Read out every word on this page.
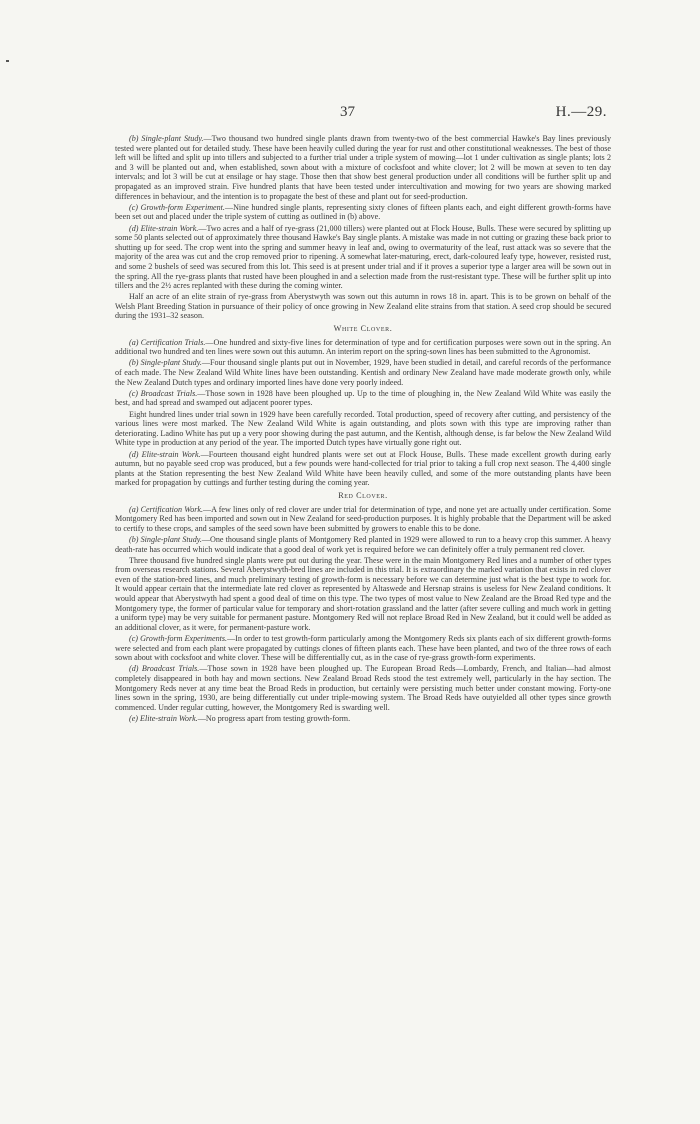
37	H.—29.

(b) Single-plant Study.—Two thousand two hundred single plants drawn from twenty-two of the best commercial Hawke's Bay lines previously tested were planted out for detailed study. These have been heavily culled during the year for rust and other constitutional weaknesses. The best of those left will be lifted and split up into tillers and subjected to a further trial under a triple system of mowing—lot 1 under cultivation as single plants; lots 2 and 3 will be planted out and, when established, sown about with a mixture of cocksfoot and white clover; lot 2 will be mown at seven to ten day intervals; and lot 3 will be cut at ensilage or hay stage. Those then that show best general production under all conditions will be further split up and propagated as an improved strain. Five hundred plants that have been tested under intercultivation and mowing for two years are showing marked differences in behaviour, and the intention is to propagate the best of these and plant out for seed-production.

(c) Growth-form Experiment.—Nine hundred single plants, representing sixty clones of fifteen plants each, and eight different growth-forms have been set out and placed under the triple system of cutting as outlined in (b) above.

(d) Elite-strain Work.—Two acres and a half of rye-grass (21,000 tillers) were planted out at Flock House, Bulls. These were secured by splitting up some 50 plants selected out of approximately three thousand Hawke's Bay single plants. A mistake was made in not cutting or grazing these back prior to shutting up for seed. The crop went into the spring and summer heavy in leaf and, owing to overmaturity of the leaf, rust attack was so severe that the majority of the area was cut and the crop removed prior to ripening. A somewhat later-maturing, erect, dark-coloured leafy type, however, resisted rust, and some 2 bushels of seed was secured from this lot. This seed is at present under trial and if it proves a superior type a larger area will be sown out in the spring. All the rye-grass plants that rusted have been ploughed in and a selection made from the rust-resistant type. These will be further split up into tillers and the 2½ acres replanted with these during the coming winter.

Half an acre of an elite strain of rye-grass from Aberystwyth was sown out this autumn in rows 18 in. apart. This is to be grown on behalf of the Welsh Plant Breeding Station in pursuance of their policy of once growing in New Zealand elite strains from that station. A seed crop should be secured during the 1931–32 season.

White Clover.

(a) Certification Trials.—One hundred and sixty-five lines for determination of type and for certification purposes were sown out in the spring. An additional two hundred and ten lines were sown out this autumn. An interim report on the spring-sown lines has been submitted to the Agronomist.

(b) Single-plant Study.—Four thousand single plants put out in November, 1929, have been studied in detail, and careful records of the performance of each made. The New Zealand Wild White lines have been outstanding. Kentish and ordinary New Zealand have made moderate growth only, while the New Zealand Dutch types and ordinary imported lines have done very poorly indeed.

(c) Broadcast Trials.—Those sown in 1928 have been ploughed up. Up to the time of ploughing in, the New Zealand Wild White was easily the best, and had spread and swamped out adjacent poorer types.

Eight hundred lines under trial sown in 1929 have been carefully recorded. Total production, speed of recovery after cutting, and persistency of the various lines were most marked. The New Zealand Wild White is again outstanding, and plots sown with this type are improving rather than deteriorating. Ladino White has put up a very poor showing during the past autumn, and the Kentish, although dense, is far below the New Zealand Wild White type in production at any period of the year. The imported Dutch types have virtually gone right out.

(d) Elite-strain Work.—Fourteen thousand eight hundred plants were set out at Flock House, Bulls. These made excellent growth during early autumn, but no payable seed crop was produced, but a few pounds were hand-collected for trial prior to taking a full crop next season. The 4,400 single plants at the Station representing the best New Zealand Wild White have been heavily culled, and some of the more outstanding plants have been marked for propagation by cuttings and further testing during the coming year.

Red Clover.

(a) Certification Work.—A few lines only of red clover are under trial for determination of type, and none yet are actually under certification. Some Montgomery Red has been imported and sown out in New Zealand for seed-production purposes. It is highly probable that the Department will be asked to certify to these crops, and samples of the seed sown have been submitted by growers to enable this to be done.

(b) Single-plant Study.—One thousand single plants of Montgomery Red planted in 1929 were allowed to run to a heavy crop this summer. A heavy death-rate has occurred which would indicate that a good deal of work yet is required before we can definitely offer a truly permanent red clover.

Three thousand five hundred single plants were put out during the year. These were in the main Montgomery Red lines and a number of other types from overseas research stations. Several Aberystwyth-bred lines are included in this trial. It is extraordinary the marked variation that exists in red clover even of the station-bred lines, and much preliminary testing of growth-form is necessary before we can determine just what is the best type to work for. It would appear certain that the intermediate late red clover as represented by Altaswede and Hersnap strains is useless for New Zealand conditions. It would appear that Aberystwyth had spent a good deal of time on this type. The two types of most value to New Zealand are the Broad Red type and the Montgomery type, the former of particular value for temporary and short-rotation grassland and the latter (after severe culling and much work in getting a uniform type) may be very suitable for permanent pasture. Montgomery Red will not replace Broad Red in New Zealand, but it could well be added as an additional clover, as it were, for permanent-pasture work.

(c) Growth-form Experiments.—In order to test growth-form particularly among the Montgomery Reds six plants each of six different growth-forms were selected and from each plant were propagated by cuttings clones of fifteen plants each. These have been planted, and two of the three rows of each sown about with cocksfoot and white clover. These will be differentially cut, as in the case of rye-grass growth-form experiments.

(d) Broadcast Trials.—Those sown in 1928 have been ploughed up. The European Broad Reds—Lombardy, French, and Italian—had almost completely disappeared in both hay and mown sections. New Zealand Broad Reds stood the test extremely well, particularly in the hay section. The Montgomery Reds never at any time beat the Broad Reds in production, but certainly were persisting much better under constant mowing. Forty-one lines sown in the spring, 1930, are being differentially cut under triple-mowing system. The Broad Reds have outyielded all other types since growth commenced. Under regular cutting, however, the Montgomery Red is swarding well.

(e) Elite-strain Work.—No progress apart from testing growth-form.
